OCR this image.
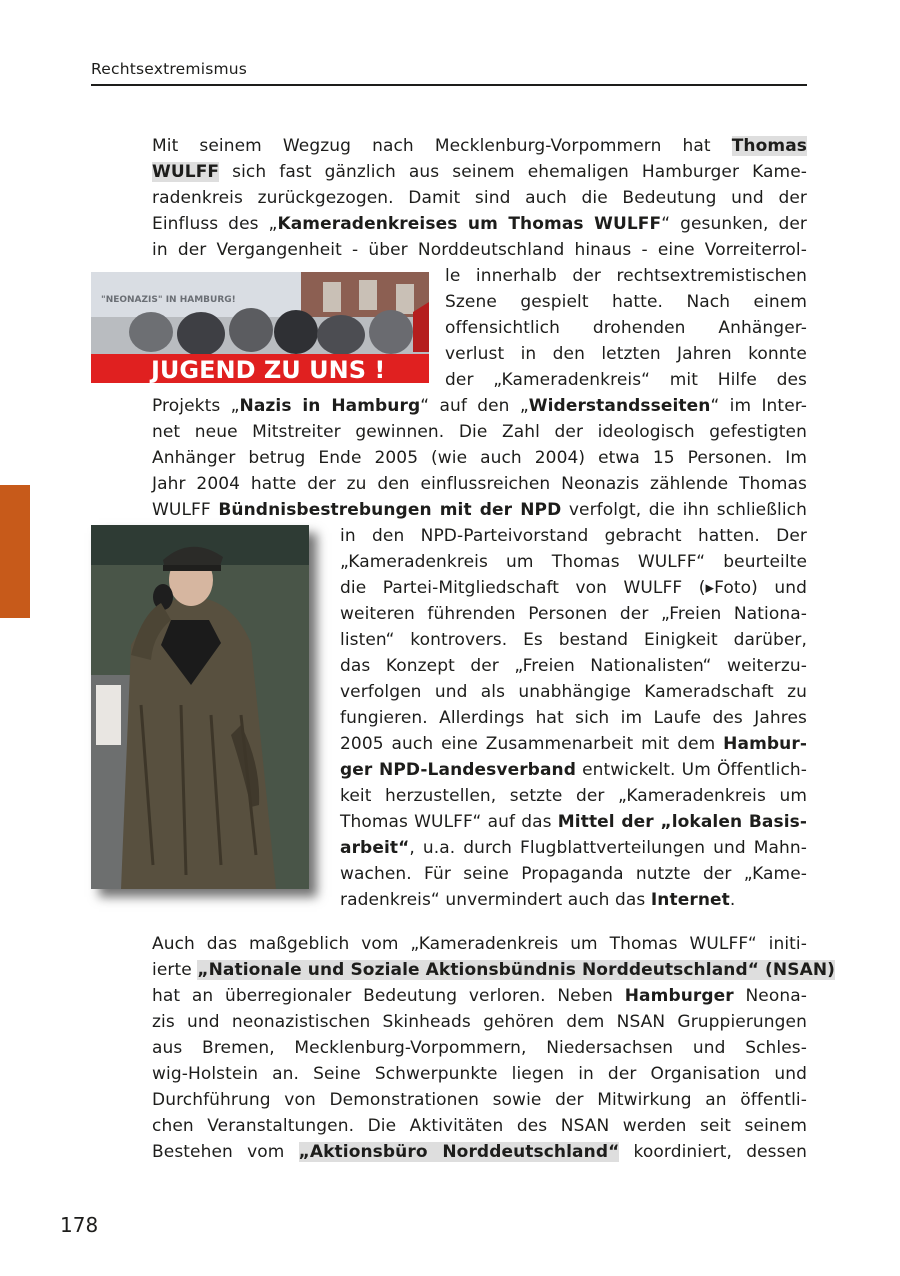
Rechtsextremismus
"NEONAZIS" IN HAMBURG!
JUGEND ZU UNS !
Mit seinem Wegzug nach Mecklenburg-Vorpommern hat Thomas
WULFF sich fast gänzlich aus seinem ehemaligen Hamburger Kame-
radenkreis zurückgezogen. Damit sind auch die Bedeutung und der
Einfluss des „Kameradenkreises um Thomas WULFF“ gesunken, der
in der Vergangenheit - über Norddeutschland hinaus - eine Vorreiterrol-
le innerhalb der rechtsextremistischen
Szene gespielt hatte. Nach einem
offensichtlich drohenden Anhänger-
verlust in den letzten Jahren konnte
der „Kameradenkreis“ mit Hilfe des
Projekts „Nazis in Hamburg“ auf den „Widerstandsseiten“ im Inter-
net neue Mitstreiter gewinnen. Die Zahl der ideologisch gefestigten
Anhänger betrug Ende 2005 (wie auch 2004) etwa 15 Personen. Im
Jahr 2004 hatte der zu den einflussreichen Neonazis zählende Thomas
WULFF Bündnisbestrebungen mit der NPD verfolgt, die ihn schließlich
in den NPD-Parteivorstand gebracht hatten. Der
„Kameradenkreis um Thomas WULFF“ beurteilte
die Partei-Mitgliedschaft von WULFF (▸Foto) und
weiteren führenden Personen der „Freien Nationa-
listen“ kontrovers. Es bestand Einigkeit darüber,
das Konzept der „Freien Nationalisten“ weiterzu-
verfolgen und als unabhängige Kameradschaft zu
fungieren. Allerdings hat sich im Laufe des Jahres
2005 auch eine Zusammenarbeit mit dem Hambur-
ger NPD-Landesverband entwickelt. Um Öffentlich-
keit herzustellen, setzte der „Kameradenkreis um
Thomas WULFF“ auf das Mittel der „lokalen Basis-
arbeit“, u.a. durch Flugblattverteilungen und Mahn-
wachen. Für seine Propaganda nutzte der „Kame-
radenkreis“ unvermindert auch das Internet.
Auch das maßgeblich vom „Kameradenkreis um Thomas WULFF“ initi-
ierte „Nationale und Soziale Aktionsbündnis Norddeutschland“ (NSAN)
hat an überregionaler Bedeutung verloren. Neben Hamburger Neona-
zis und neonazistischen Skinheads gehören dem NSAN Gruppierungen
aus Bremen, Mecklenburg-Vorpommern, Niedersachsen und Schles-
wig-Holstein an. Seine Schwerpunkte liegen in der Organisation und
Durchführung von Demonstrationen sowie der Mitwirkung an öffentli-
chen Veranstaltungen. Die Aktivitäten des NSAN werden seit seinem
Bestehen vom „Aktionsbüro Norddeutschland“ koordiniert, dessen
178
